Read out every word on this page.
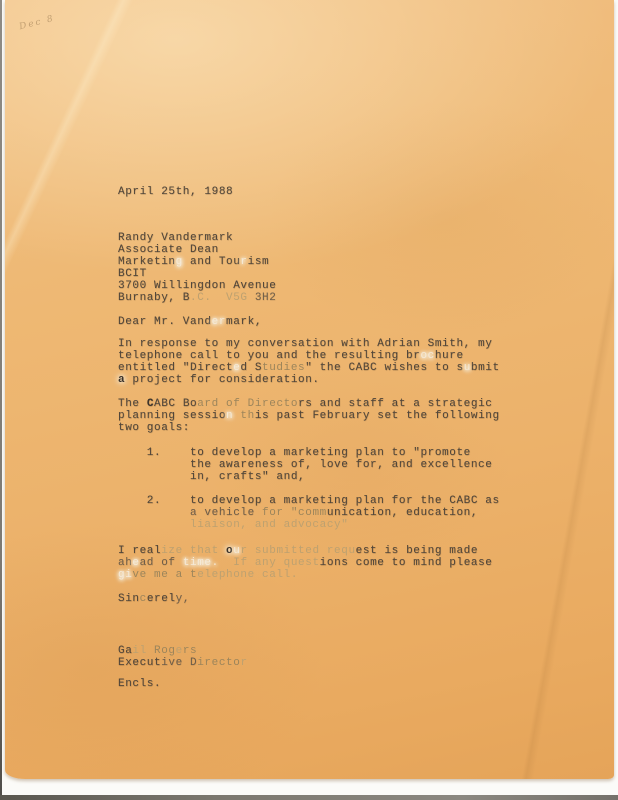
Dec 8
April 25th, 1988
Randy Vandermark
Associate Dean
Marketing and Tourism
BCIT
3700 Willingdon Avenue
Burnaby, B.C.  V5G 3H2
Dear Mr. Vandermark,
In response to my conversation with Adrian Smith, my
telephone call to you and the resulting brochure
entitled "Directed Studies" the CABC wishes to submit
a project for consideration.
The CABC Board of Directors and staff at a strategic
planning session this past February set the following
two goals:
1.    to develop a marketing plan to "promote
the awareness of, love for, and excellence
in, crafts" and,
2.    to develop a marketing plan for the CABC as
a vehicle for "communication, education,
liaison, and advocacy"
I realize that our submitted request is being made
ahead of time.  If any questions come to mind please
give me a telephone call.
Sincerely,
Gail Rogers
Executive Director
Encls.
